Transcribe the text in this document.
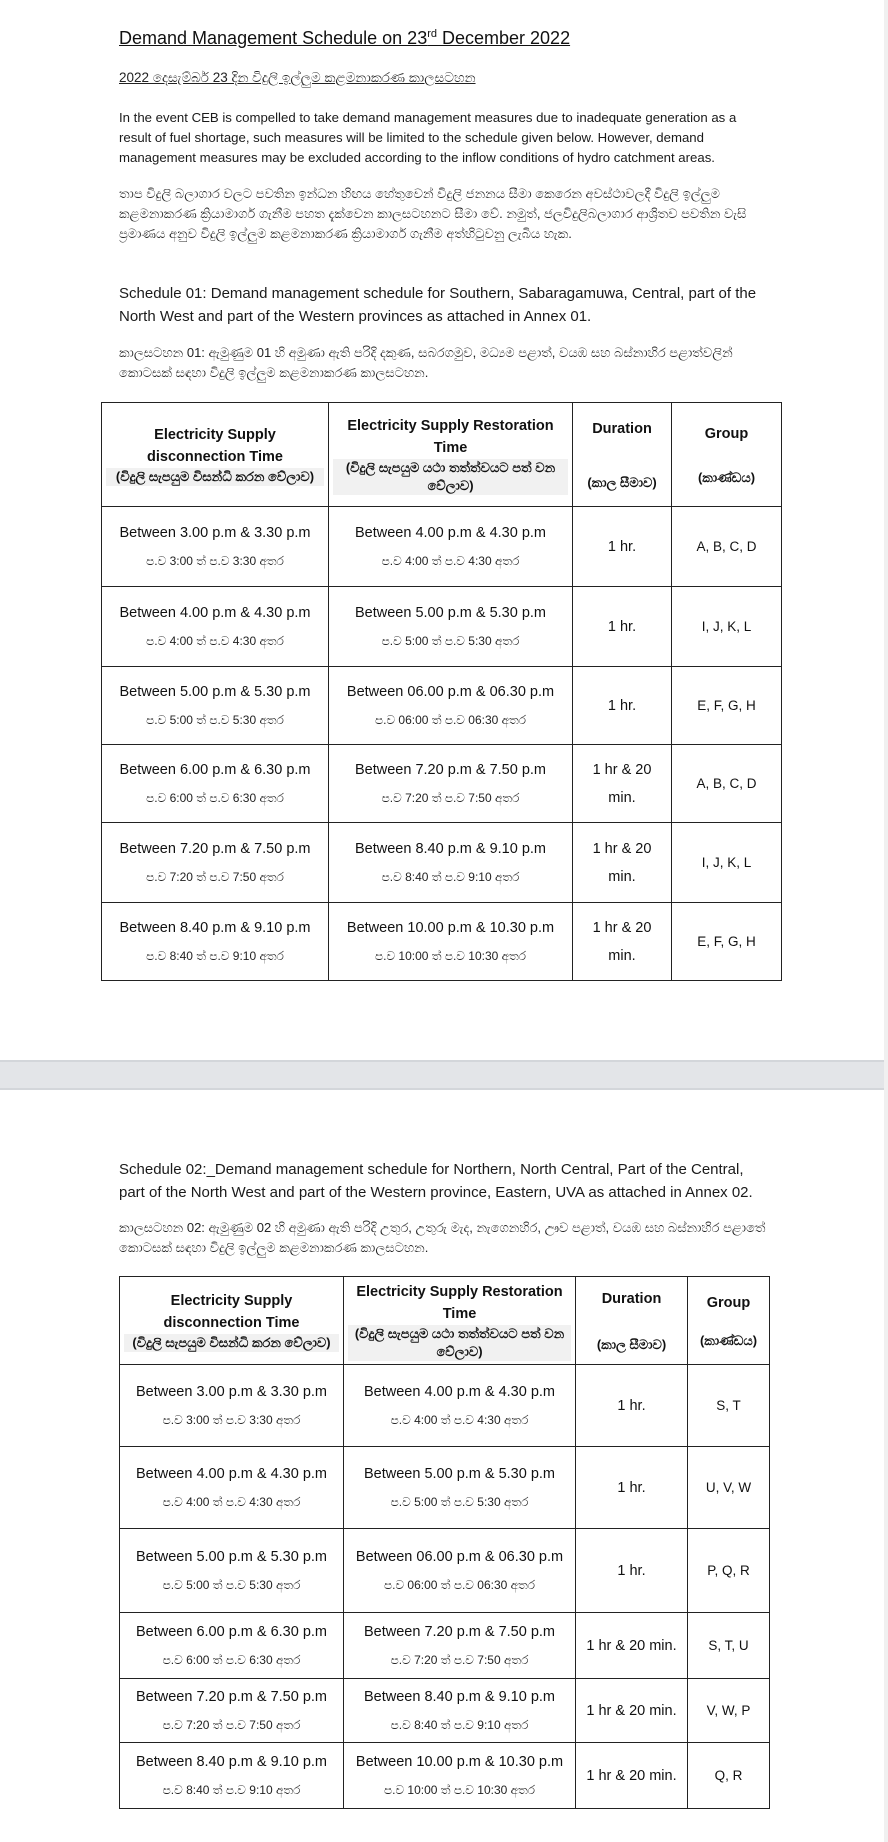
Demand Management Schedule on 23rd December 2022
2022 දෙසැම්බර් 23 දින විදුලි ඉල්ලුම කළමනාකරණ කාලසටහන
In the event CEB is compelled to take demand management measures due to inadequate generation as a result of fuel shortage, such measures will be limited to the schedule given below. However, demand management measures may be excluded according to the inflow conditions of hydro catchment areas.
තාප විදුලි බලාගාර වලට පවතින ඉන්ධන හිඟය හේතුවෙන් විදුලි ජනනය සීමා කෙරෙන අවස්ථාවලදී විදුලි ඉල්ලුම කළමනාකරණ ක්‍රියාමාර්ග ගැනීම පහත දැක්වෙන කාලසටහනට සීමා වේ. නමුත්, ජලවිදුලිබලාගාර ආශ්‍රිතව පවතින වැසි ප්‍රමාණය අනුව විදුලි ඉල්ලුම කළමනාකරණ ක්‍රියාමාර්ග ගැනීම අත්හිටුවනු ලැබිය හැක.
Schedule 01: Demand management schedule for Southern, Sabaragamuwa, Central, part of the North West and part of the Western provinces as attached in Annex 01.
කාලසටහන 01: ඇමුණුම 01 හි අමුණා ඇති පරිදි දකුණ, සබරගමුව, මධ්‍යම පළාත්, වයඹ සහ බස්නාහිර පළාත්වලින් කොටසක් සඳහා විදුලි ඉල්ලුම කළමනාකරණ කාලසටහන.
Electricity Supply disconnection Time
(විදුලි සැපයුම විසන්ධි කරන වේලාව)	Electricity Supply Restoration Time
(විදුලි සැපයුම යථා තත්ත්වයට පත් වන වේලාව)	Duration
(කාල සීමාව)	Group
(කාණ්ඩය)

Between 3.00 p.m & 3.30 p.m
ප.ව 3:00 ත් ප.ව 3:30 අතර	Between 4.00 p.m & 4.30 p.m
ප.ව 4:00 ත් ප.ව 4:30 අතර	1 hr.	A, B, C, D

Between 4.00 p.m & 4.30 p.m
ප.ව 4:00 ත් ප.ව 4:30 අතර	Between 5.00 p.m & 5.30 p.m
ප.ව 5:00 ත් ප.ව 5:30 අතර	1 hr.	I, J, K, L

Between 5.00 p.m & 5.30 p.m
ප.ව 5:00 ත් ප.ව 5:30 අතර	Between 06.00 p.m & 06.30 p.m
ප.ව 06:00 ත් ප.ව 06:30 අතර	1 hr.	E, F, G, H

Between 6.00 p.m & 6.30 p.m
ප.ව 6:00 ත් ප.ව 6:30 අතර	Between 7.20 p.m & 7.50 p.m
ප.ව 7:20 ත් ප.ව 7:50 අතර	1 hr & 20 min.	A, B, C, D

Between 7.20 p.m & 7.50 p.m
ප.ව 7:20 ත් ප.ව 7:50 අතර	Between 8.40 p.m & 9.10 p.m
ප.ව 8:40 ත් ප.ව 9:10 අතර	1 hr & 20 min.	I, J, K, L

Between 8.40 p.m & 9.10 p.m
ප.ව 8:40 ත් ප.ව 9:10 අතර	Between 10.00 p.m & 10.30 p.m
ප.ව 10:00 ත් ප.ව 10:30 අතර	1 hr & 20 min.	E, F, G, H
Schedule 02:_Demand management schedule for Northern, North Central, Part of the Central, part of the North West and part of the Western province, Eastern, UVA as attached in Annex 02.
කාලසටහන 02: ඇමුණුම 02 හි අමුණා ඇති පරිදි උතුර, උතුරු මැද, නැගෙනහිර, ඌව පළාත්, වයඹ සහ බස්නාහිර පළාතේ කොටසක් සඳහා විදුලි ඉල්ලුම කළමනාකරණ කාලසටහන.
Electricity Supply disconnection Time
(විදුලි සැපයුම විසන්ධි කරන වේලාව)	Electricity Supply Restoration Time
(විදුලි සැපයුම යථා තත්ත්වයට පත් වන වේලාව)	Duration
(කාල සීමාව)	Group
(කාණ්ඩය)

Between 3.00 p.m & 3.30 p.m
ප.ව 3:00 ත් ප.ව 3:30 අතර	Between 4.00 p.m & 4.30 p.m
ප.ව 4:00 ත් ප.ව 4:30 අතර	1 hr.	S, T

Between 4.00 p.m & 4.30 p.m
ප.ව 4:00 ත් ප.ව 4:30 අතර	Between 5.00 p.m & 5.30 p.m
ප.ව 5:00 ත් ප.ව 5:30 අතර	1 hr.	U, V, W

Between 5.00 p.m & 5.30 p.m
ප.ව 5:00 ත් ප.ව 5:30 අතර	Between 06.00 p.m & 06.30 p.m
ප.ව 06:00 ත් ප.ව 06:30 අතර	1 hr.	P, Q, R

Between 6.00 p.m & 6.30 p.m
ප.ව 6:00 ත් ප.ව 6:30 අතර	Between 7.20 p.m & 7.50 p.m
ප.ව 7:20 ත් ප.ව 7:50 අතර	1 hr & 20 min.	S, T, U

Between 7.20 p.m & 7.50 p.m
ප.ව 7:20 ත් ප.ව 7:50 අතර	Between 8.40 p.m & 9.10 p.m
ප.ව 8:40 ත් ප.ව 9:10 අතර	1 hr & 20 min.	V, W, P

Between 8.40 p.m & 9.10 p.m
ප.ව 8:40 ත් ප.ව 9:10 අතර	Between 10.00 p.m & 10.30 p.m
ප.ව 10:00 ත් ප.ව 10:30 අතර	1 hr & 20 min.	Q, R
